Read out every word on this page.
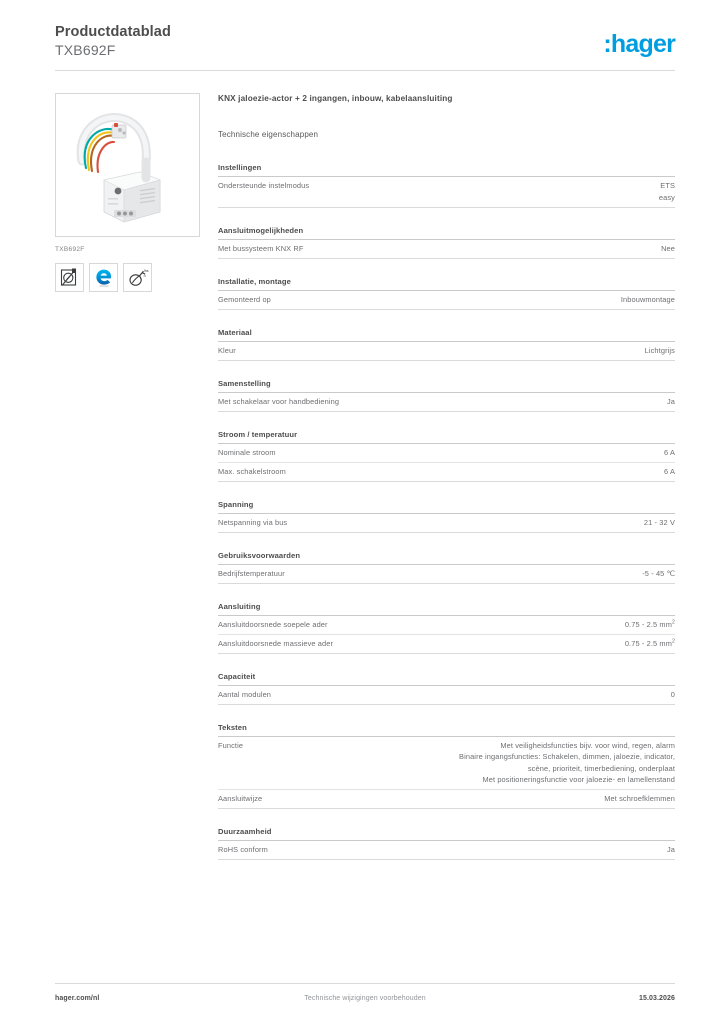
Productdatablad
TXB692F	:hager
TXB692F
Jhs
n
KNX jaloezie-actor + 2 ingangen, inbouw, kabelaansluiting
Technische eigenschappen
Instellingen
Ondersteunde instelmodus	ETS
easy
Aansluitmogelijkheden
Met bussysteem KNX RF	Nee
Installatie, montage
Gemonteerd op	Inbouwmontage
Materiaal
Kleur	Lichtgrijs
Samenstelling
Met schakelaar voor handbediening	Ja
Stroom / temperatuur
Nominale stroom	6 A
Max. schakelstroom	6 A
Spanning
Netspanning via bus	21 - 32 V
Gebruiksvoorwaarden
Bedrijfstemperatuur	-5 - 45 ℃
Aansluiting
Aansluitdoorsnede soepele ader	0.75 - 2.5 $mm^2$
Aansluitdoorsnede massieve ader	0.75 - 2.5 $mm^2$
Capaciteit
Aantal modulen	0
Teksten
Functie	Met veiligheidsfuncties bijv. voor wind, regen, alarm
Binaire ingangsfuncties: Schakelen, dimmen, jaloezie, indicator,
scène, prioriteit, timerbediening, onderplaat
Met positioneringsfunctie voor jaloezie- en lamellenstand
Aansluitwijze	Met schroefklemmen
Duurzaamheid
RoHS conform	Ja
hager.com/nl	Technische wijzigingen voorbehouden	15.03.2026
